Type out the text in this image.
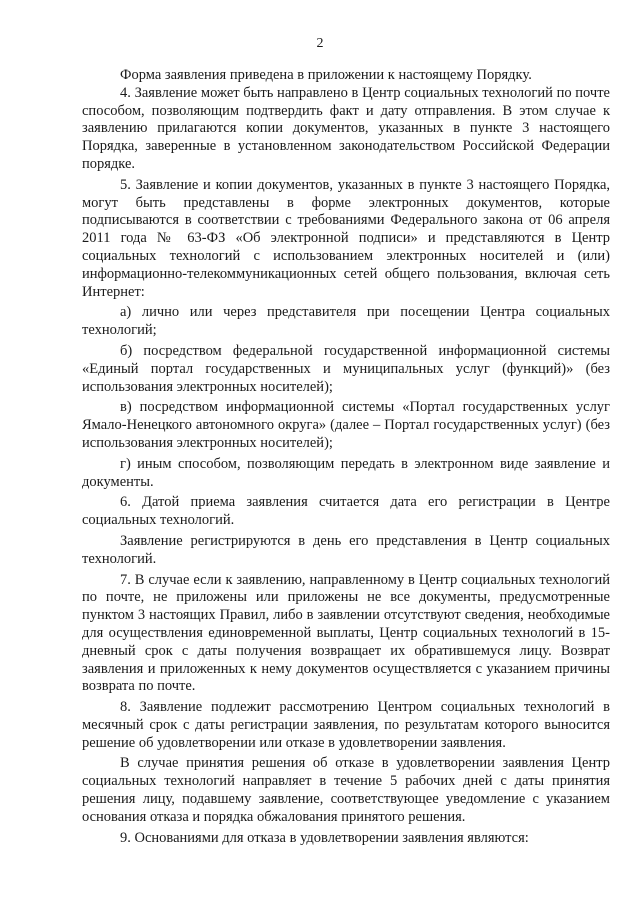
2

Форма заявления приведена в приложении к настоящему Порядку.

4. Заявление может быть направлено в Центр социальных технологий по почте способом, позволяющим подтвердить факт и дату отправления. В этом случае к заявлению прилагаются копии документов, указанных в пункте 3 настоящего Порядка, заверенные в установленном законодательством Российской Федерации порядке.

5. Заявление и копии документов, указанных в пункте 3 настоящего Порядка, могут быть представлены в форме электронных документов, которые подписываются в соответствии с требованиями Федерального закона от 06 апреля 2011 года № 63-ФЗ «Об электронной подписи» и представляются в Центр социальных технологий с использованием электронных носителей и (или) информационно-телекоммуникационных сетей общего пользования, включая сеть Интернет:

а) лично или через представителя при посещении Центра социальных технологий;

б) посредством федеральной государственной информационной системы «Единый портал государственных и муниципальных услуг (функций)» (без использования электронных носителей);

в) посредством информационной системы «Портал государственных услуг Ямало-Ненецкого автономного округа» (далее – Портал государственных услуг) (без использования электронных носителей);

г) иным способом, позволяющим передать в электронном виде заявление и документы.

6. Датой приема заявления считается дата его регистрации в Центре социальных технологий.

Заявление регистрируются в день его представления в Центр социальных технологий.

7. В случае если к заявлению, направленному в Центр социальных технологий по почте, не приложены или приложены не все документы, предусмотренные пунктом 3 настоящих Правил, либо в заявлении отсутствуют сведения, необходимые для осуществления единовременной выплаты, Центр социальных технологий в 15-дневный срок с даты получения возвращает их обратившемуся лицу. Возврат заявления и приложенных к нему документов осуществляется с указанием причины возврата по почте.

8. Заявление подлежит рассмотрению Центром социальных технологий в месячный срок с даты регистрации заявления, по результатам которого выносится решение об удовлетворении или отказе в удовлетворении заявления.

В случае принятия решения об отказе в удовлетворении заявления Центр социальных технологий направляет в течение 5 рабочих дней с даты принятия решения лицу, подавшему заявление, соответствующее уведомление с указанием основания отказа и порядка обжалования принятого решения.

9. Основаниями для отказа в удовлетворении заявления являются:
